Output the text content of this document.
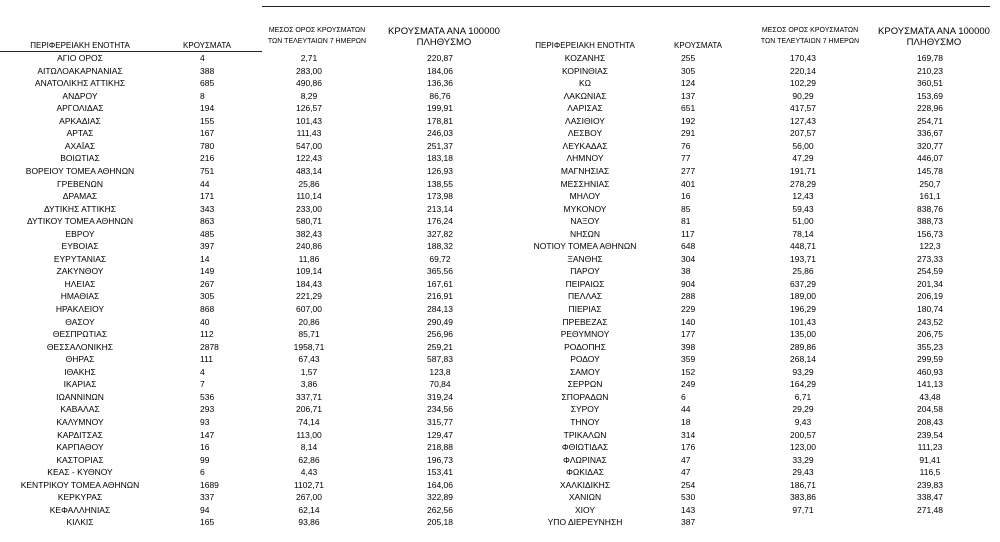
ΠΕΡΙΦΕΡΕΙΑΚΗ ΕΝΟΤΗΤΑ	ΚΡΟΥΣΜΑΤΑ
ΜΕΣΟΣ ΟΡΟΣ ΚΡΟΥΣΜΑΤΩΝ
ΤΩΝ ΤΕΛΕΥΤΑΙΩΝ 7 ΗΜΕΡΩΝ
ΚΡΟΥΣΜΑΤΑ ΑΝΑ 100000
ΠΛΗΘΥΣΜΟ	ΠΕΡΙΦΕΡΕΙΑΚΗ ΕΝΟΤΗΤΑ	ΚΡΟΥΣΜΑΤΑ
ΜΕΣΟΣ ΟΡΟΣ ΚΡΟΥΣΜΑΤΩΝ
ΤΩΝ ΤΕΛΕΥΤΑΙΩΝ 7 ΗΜΕΡΩΝ
ΚΡΟΥΣΜΑΤΑ ΑΝΑ 100000
ΠΛΗΘΥΣΜΟ
ΑΓΙΟ ΟΡΟΣ	4	2,71	220,87
ΑΙΤΩΛΟΑΚΑΡΝΑΝΙΑΣ	388	283,00	184,06
ΑΝΑΤΟΛΙΚΗΣ ΑΤΤΙΚΗΣ	685	490,86	136,36
ΑΝΔΡΟΥ	8	8,29	86,76
ΑΡΓΟΛΙΔΑΣ	194	126,57	199,91
ΑΡΚΑΔΙΑΣ	155	101,43	178,81
ΑΡΤΑΣ	167	111,43	246,03
ΑΧΑΪΑΣ	780	547,00	251,37
ΒΟΙΩΤΙΑΣ	216	122,43	183,18
ΒΟΡΕΙΟΥ ΤΟΜΕΑ ΑΘΗΝΩΝ	751	483,14	126,93
ΓΡΕΒΕΝΩΝ	44	25,86	138,55
ΔΡΑΜΑΣ	171	110,14	173,98
ΔΥΤΙΚΗΣ ΑΤΤΙΚΗΣ	343	233,00	213,14
ΔΥΤΙΚΟΥ ΤΟΜΕΑ ΑΘΗΝΩΝ	863	580,71	176,24
ΕΒΡΟΥ	485	382,43	327,82
ΕΥΒΟΙΑΣ	397	240,86	188,32
ΕΥΡΥΤΑΝΙΑΣ	14	11,86	69,72
ΖΑΚΥΝΘΟΥ	149	109,14	365,56
ΗΛΕΙΑΣ	267	184,43	167,61
ΗΜΑΘΙΑΣ	305	221,29	216,91
ΗΡΑΚΛΕΙΟΥ	868	607,00	284,13
ΘΑΣΟΥ	40	20,86	290,49
ΘΕΣΠΡΩΤΙΑΣ	112	85,71	256,96
ΘΕΣΣΑΛΟΝΙΚΗΣ	2878	1958,71	259,21
ΘΗΡΑΣ	111	67,43	587,83
ΙΘΑΚΗΣ	4	1,57	123,8
ΙΚΑΡΙΑΣ	7	3,86	70,84
ΙΩΑΝΝΙΝΩΝ	536	337,71	319,24
ΚΑΒΑΛΑΣ	293	206,71	234,56
ΚΑΛΥΜΝΟΥ	93	74,14	315,77
ΚΑΡΔΙΤΣΑΣ	147	113,00	129,47
ΚΑΡΠΑΘΟΥ	16	8,14	218,88
ΚΑΣΤΟΡΙΑΣ	99	62,86	196,73
ΚΕΑΣ - ΚΥΘΝΟΥ	6	4,43	153,41
ΚΕΝΤΡΙΚΟΥ ΤΟΜΕΑ ΑΘΗΝΩΝ	1689	1102,71	164,06
ΚΕΡΚΥΡΑΣ	337	267,00	322,89
ΚΕΦΑΛΛΗΝΙΑΣ	94	62,14	262,56
ΚΙΛΚΙΣ	165	93,86	205,18
ΚΟΖΑΝΗΣ	255	170,43	169,78
ΚΟΡΙΝΘΙΑΣ	305	220,14	210,23
ΚΩ	124	102,29	360,51
ΛΑΚΩΝΙΑΣ	137	90,29	153,69
ΛΑΡΙΣΑΣ	651	417,57	228,96
ΛΑΣΙΘΙΟΥ	192	127,43	254,71
ΛΕΣΒΟΥ	291	207,57	336,67
ΛΕΥΚΑΔΑΣ	76	56,00	320,77
ΛΗΜΝΟΥ	77	47,29	446,07
ΜΑΓΝΗΣΙΑΣ	277	191,71	145,78
ΜΕΣΣΗΝΙΑΣ	401	278,29	250,7
ΜΗΛΟΥ	16	12,43	161,1
ΜΥΚΟΝΟΥ	85	59,43	838,76
ΝΑΞΟΥ	81	51,00	388,73
ΝΗΣΩΝ	117	78,14	156,73
ΝΟΤΙΟΥ ΤΟΜΕΑ ΑΘΗΝΩΝ	648	448,71	122,3
ΞΑΝΘΗΣ	304	193,71	273,33
ΠΑΡΟΥ	38	25,86	254,59
ΠΕΙΡΑΙΩΣ	904	637,29	201,34
ΠΕΛΛΑΣ	288	189,00	206,19
ΠΙΕΡΙΑΣ	229	196,29	180,74
ΠΡΕΒΕΖΑΣ	140	101,43	243,52
ΡΕΘΥΜΝΟΥ	177	135,00	206,75
ΡΟΔΟΠΗΣ	398	289,86	355,23
ΡΟΔΟΥ	359	268,14	299,59
ΣΑΜΟΥ	152	93,29	460,93
ΣΕΡΡΩΝ	249	164,29	141,13
ΣΠΟΡΑΔΩΝ	6	6,71	43,48
ΣΥΡΟΥ	44	29,29	204,58
ΤΗΝΟΥ	18	9,43	208,43
ΤΡΙΚΑΛΩΝ	314	200,57	239,54
ΦΘΙΩΤΙΔΑΣ	176	123,00	111,23
ΦΛΩΡΙΝΑΣ	47	33,29	91,41
ΦΩΚΙΔΑΣ	47	29,43	116,5
ΧΑΛΚΙΔΙΚΗΣ	254	186,71	239,83
ΧΑΝΙΩΝ	530	383,86	338,47
ΧΙΟΥ	143	97,71	271,48
ΥΠΟ ΔΙΕΡΕΥΝΗΣΗ	387
